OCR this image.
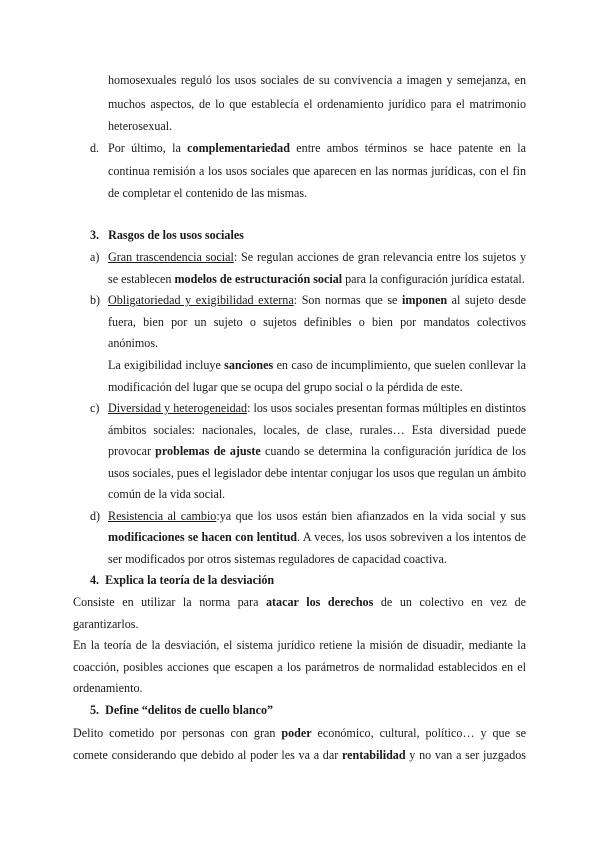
homosexuales reguló los usos sociales de su convivencia a imagen y semejanza, en
muchos aspectos, de lo que establecía el ordenamiento jurídico para el matrimonio
heterosexual.
d. Por último, la complementariedad entre ambos términos se hace patente en la
continua remisión a los usos sociales que aparecen en las normas jurídicas, con el fin
de completar el contenido de las mismas.
3. Rasgos de los usos sociales
a) Gran trascendencia social: Se regulan acciones de gran relevancia entre los sujetos y
se establecen modelos de estructuración social para la configuración jurídica estatal.
b) Obligatoriedad y exigibilidad externa: Son normas que se imponen al sujeto desde
fuera, bien por un sujeto o sujetos definibles o bien por mandatos colectivos
anónimos.
La exigibilidad incluye sanciones en caso de incumplimiento, que suelen conllevar la
modificación del lugar que se ocupa del grupo social o la pérdida de este.
c) Diversidad y heterogeneidad: los usos sociales presentan formas múltiples en distintos
ámbitos sociales: nacionales, locales, de clase, rurales… Esta diversidad puede
provocar problemas de ajuste cuando se determina la configuración jurídica de los
usos sociales, pues el legislador debe intentar conjugar los usos que regulan un ámbito
común de la vida social.
d) Resistencia al cambio:ya que los usos están bien afianzados en la vida social y sus
modificaciones se hacen con lentitud. A veces, los usos sobreviven a los intentos de
ser modificados por otros sistemas reguladores de capacidad coactiva.
4. Explica la teoría de la desviación
Consiste en utilizar la norma para atacar los derechos de un colectivo en vez de
garantizarlos.
En la teoría de la desviación, el sistema jurídico retiene la misión de disuadir, mediante la
coacción, posibles acciones que escapen a los parámetros de normalidad establecidos en el
ordenamiento.
5. Define “delitos de cuello blanco”
Delito cometido por personas con gran poder económico, cultural, político… y que se
comete considerando que debido al poder les va a dar rentabilidad y no van a ser juzgados
